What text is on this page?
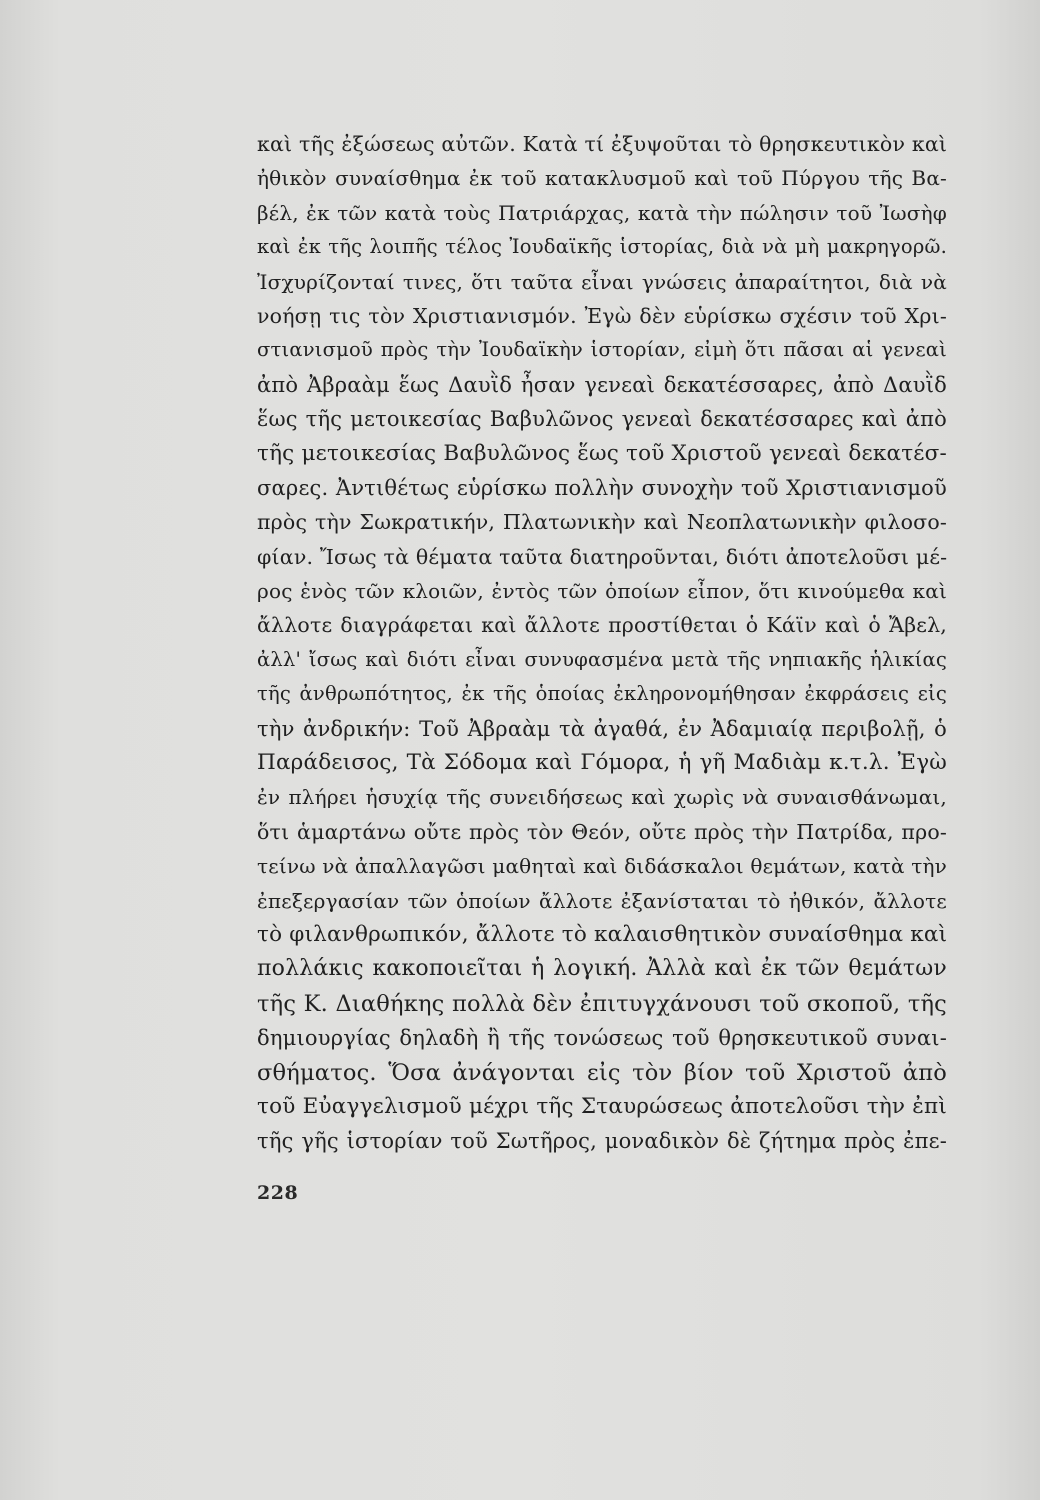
καὶ τῆς ἐξώσεως αὐτῶν. Κατὰ τί ἐξυψοῦται τὸ θρησκευτικὸν καὶ
ἠθικὸν συναίσθημα ἐκ τοῦ κατακλυσμοῦ καὶ τοῦ Πύργου τῆς Βα-
βέλ, ἐκ τῶν κατὰ τοὺς Πατριάρχας, κατὰ τὴν πώλησιν τοῦ Ἰωσὴφ
καὶ ἐκ τῆς λοιπῆς τέλος Ἰουδαϊκῆς ἱστορίας, διὰ νὰ μὴ μακρηγορῶ.
Ἰσχυρίζονταί τινες, ὅτι ταῦτα εἶναι γνώσεις ἀπαραίτητοι, διὰ νὰ
νοήσῃ τις τὸν Χριστιανισμόν. Ἐγὼ δὲν εὑρίσκω σχέσιν τοῦ Χρι-
στιανισμοῦ πρὸς τὴν Ἰουδαϊκὴν ἱστορίαν, εἰμὴ ὅτι πᾶσαι αἱ γενεαὶ
ἀπὸ Ἀβραὰμ ἕως Δαυῒδ ἦσαν γενεαὶ δεκατέσσαρες, ἀπὸ Δαυῒδ
ἕως τῆς μετοικεσίας Βαβυλῶνος γενεαὶ δεκατέσσαρες καὶ ἀπὸ
τῆς μετοικεσίας Βαβυλῶνος ἕως τοῦ Χριστοῦ γενεαὶ δεκατέσ-
σαρες. Ἀντιθέτως εὑρίσκω πολλὴν συνοχὴν τοῦ Χριστιανισμοῦ
πρὸς τὴν Σωκρατικήν, Πλατωνικὴν καὶ Νεοπλατωνικὴν φιλοσο-
φίαν. Ἴσως τὰ θέματα ταῦτα διατηροῦνται, διότι ἀποτελοῦσι μέ-
ρος ἑνὸς τῶν κλοιῶν, ἐντὸς τῶν ὁποίων εἶπον, ὅτι κινούμεθα καὶ
ἄλλοτε διαγράφεται καὶ ἄλλοτε προστίθεται ὁ Κάϊν καὶ ὁ Ἄβελ,
ἀλλ' ἴσως καὶ διότι εἶναι συνυφασμένα μετὰ τῆς νηπιακῆς ἡλικίας
τῆς ἀνθρωπότητος, ἐκ τῆς ὁποίας ἐκληρονομήθησαν ἐκφράσεις εἰς
τὴν ἀνδρικήν: Τοῦ Ἀβραὰμ τὰ ἀγαθά, ἐν Ἀδαμιαίᾳ περιβολῇ, ὁ
Παράδεισος, Τὰ Σόδομα καὶ Γόμορα, ἡ γῆ Μαδιὰμ κ.τ.λ. Ἐγὼ
ἐν πλήρει ἡσυχίᾳ τῆς συνειδήσεως καὶ χωρὶς νὰ συναισθάνωμαι,
ὅτι ἁμαρτάνω οὔτε πρὸς τὸν Θεόν, οὔτε πρὸς τὴν Πατρίδα, προ-
τείνω νὰ ἀπαλλαγῶσι μαθηταὶ καὶ διδάσκαλοι θεμάτων, κατὰ τὴν
ἐπεξεργασίαν τῶν ὁποίων ἄλλοτε ἐξανίσταται τὸ ἠθικόν, ἄλλοτε
τὸ φιλανθρωπικόν, ἄλλοτε τὸ καλαισθητικὸν συναίσθημα καὶ
πολλάκις κακοποιεῖται ἡ λογική. Ἀλλὰ καὶ ἐκ τῶν θεμάτων
τῆς Κ. Διαθήκης πολλὰ δὲν ἐπιτυγχάνουσι τοῦ σκοποῦ, τῆς
δημιουργίας δηλαδὴ ἢ τῆς τονώσεως τοῦ θρησκευτικοῦ συναι-
σθήματος. Ὅσα ἀνάγονται εἰς τὸν βίον τοῦ Χριστοῦ ἀπὸ
τοῦ Εὐαγγελισμοῦ μέχρι τῆς Σταυρώσεως ἀποτελοῦσι τὴν ἐπὶ
τῆς γῆς ἱστορίαν τοῦ Σωτῆρος, μοναδικὸν δὲ ζήτημα πρὸς ἐπε-
228
